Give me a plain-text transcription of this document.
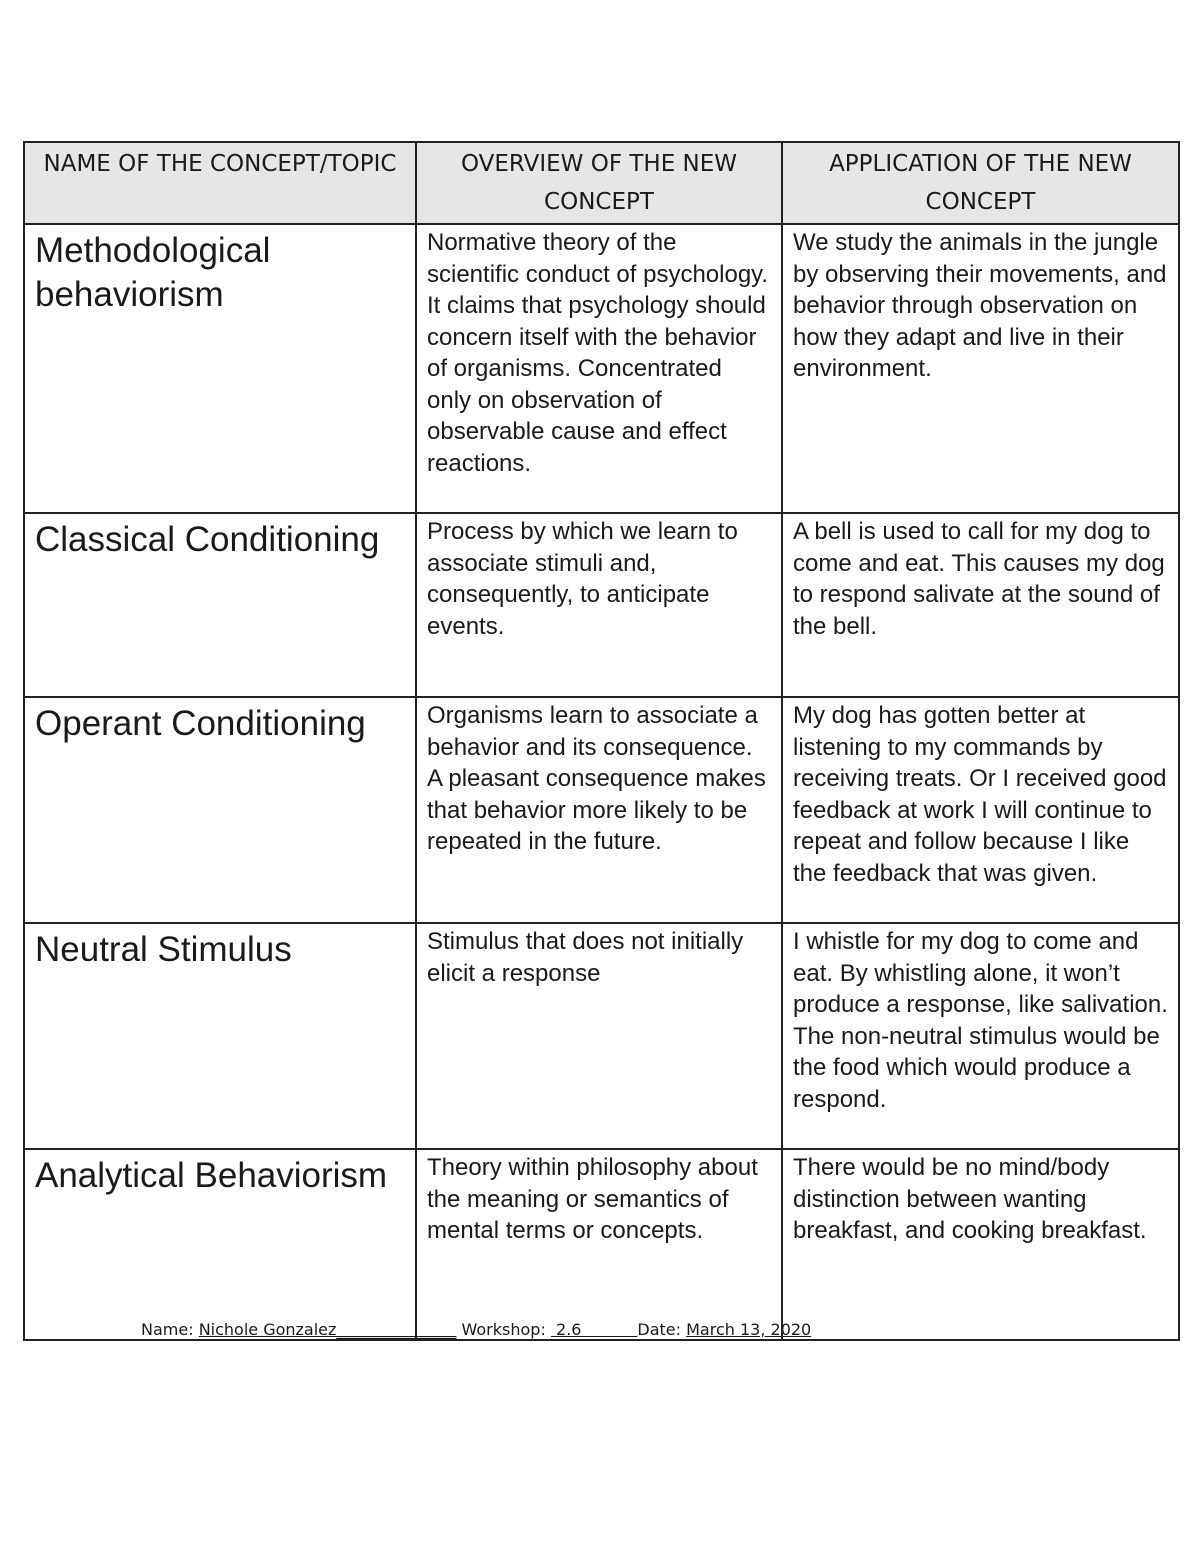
NAME OF THE CONCEPT/TOPIC	OVERVIEW OF THE NEW CONCEPT	APPLICATION OF THE NEW CONCEPT
Methodological behaviorism	Normative theory of the scientific conduct of psychology. It claims that psychology should concern itself with the behavior of organisms. Concentrated only on observation of observable cause and effect reactions.	We study the animals in the jungle by observing their movements, and behavior through observation on how they adapt and live in their environment.
Classical Conditioning	Process by which we learn to associate stimuli and, consequently, to anticipate events.	A bell is used to call for my dog to come and eat. This causes my dog to respond salivate at the sound of the bell.
Operant Conditioning	Organisms learn to associate a behavior and its consequence. A pleasant consequence makes that behavior more likely to be repeated in the future.	My dog has gotten better at listening to my commands by receiving treats. Or I received good feedback at work I will continue to repeat and follow because I like the feedback that was given.
Neutral Stimulus	Stimulus that does not initially elicit a response	I whistle for my dog to come and eat. By whistling alone, it won’t produce a response, like salivation. The non-neutral stimulus would be the food which would produce a respond.
Analytical Behaviorism	Theory within philosophy about the meaning or semantics of mental terms or concepts.	There would be no mind/body distinction between wanting breakfast, and cooking breakfast.
Name: Nichole Gonzalez_______________ Workshop:  2.6           Date: March 13, 2020
